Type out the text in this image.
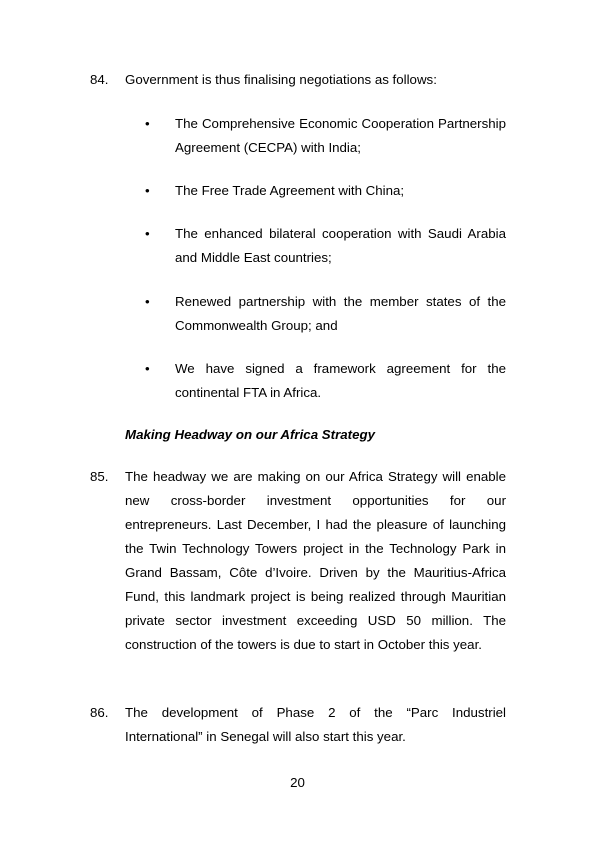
84. Government is thus finalising negotiations as follows:
• The Comprehensive Economic Cooperation Partnership Agreement (CECPA) with India;
• The Free Trade Agreement with China;
• The enhanced bilateral cooperation with Saudi Arabia and Middle East countries;
• Renewed partnership with the member states of the Commonwealth Group; and
• We have signed a framework agreement for the continental FTA in Africa.
Making Headway on our Africa Strategy
85. The headway we are making on our Africa Strategy will enable new cross-border investment opportunities for our entrepreneurs. Last December, I had the pleasure of launching the Twin Technology Towers project in the Technology Park in Grand Bassam, Côte d’Ivoire. Driven by the Mauritius-Africa Fund, this landmark project is being realized through Mauritian private sector investment exceeding USD 50 million. The construction of the towers is due to start in October this year.
86. The development of Phase 2 of the “Parc Industriel International” in Senegal will also start this year.
20
